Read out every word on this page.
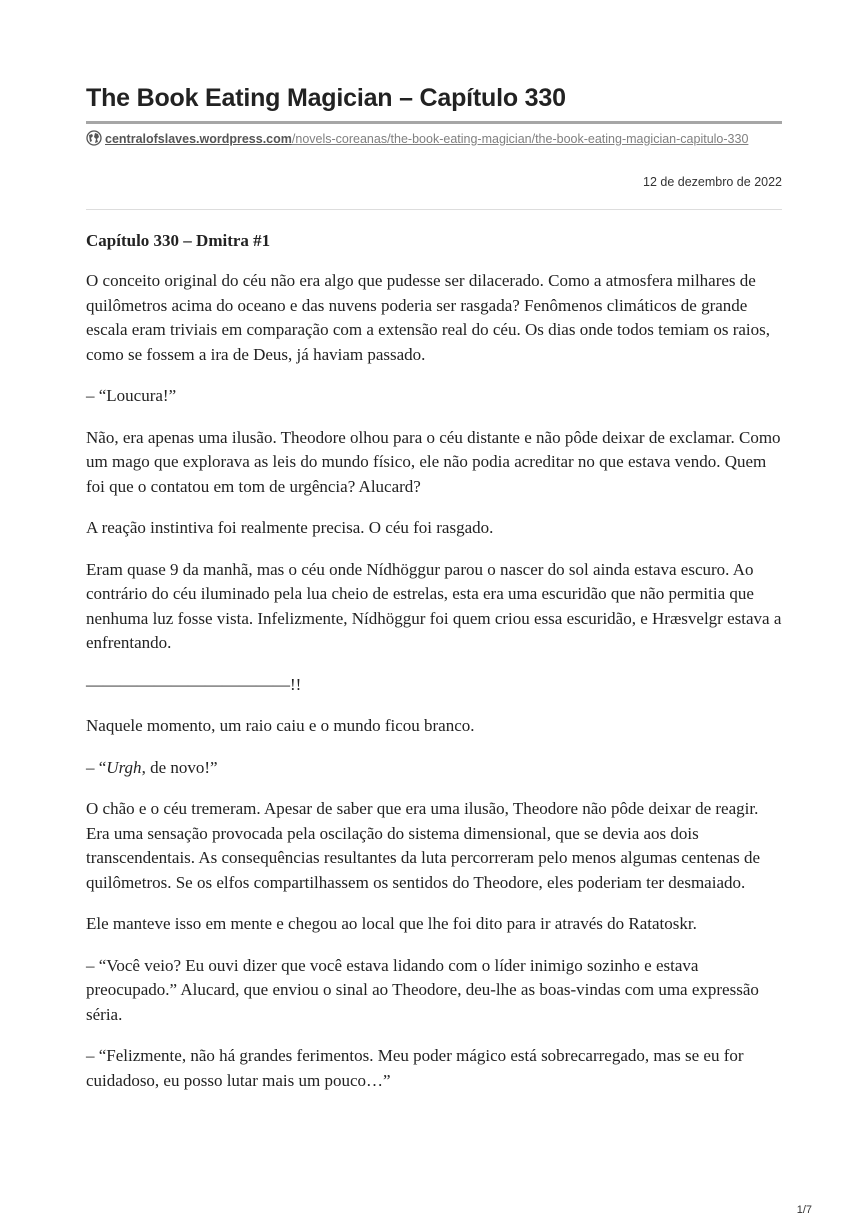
The Book Eating Magician – Capítulo 330
centralofslaves.wordpress.com/novels-coreanas/the-book-eating-magician/the-book-eating-magician-capitulo-330
12 de dezembro de 2022
Capítulo 330 – Dmitra #1

O conceito original do céu não era algo que pudesse ser dilacerado. Como a atmosfera milhares de quilômetros acima do oceano e das nuvens poderia ser rasgada? Fenômenos climáticos de grande escala eram triviais em comparação com a extensão real do céu. Os dias onde todos temiam os raios, como se fossem a ira de Deus, já haviam passado.

– “Loucura!”

Não, era apenas uma ilusão. Theodore olhou para o céu distante e não pôde deixar de exclamar. Como um mago que explorava as leis do mundo físico, ele não podia acreditar no que estava vendo. Quem foi que o contatou em tom de urgência? Alucard?

A reação instintiva foi realmente precisa. O céu foi rasgado.

Eram quase 9 da manhã, mas o céu onde Nídhöggur parou o nascer do sol ainda estava escuro. Ao contrário do céu iluminado pela lua cheio de estrelas, esta era uma escuridão que não permitia que nenhuma luz fosse vista. Infelizmente, Nídhöggur foi quem criou essa escuridão, e Hræsvelgr estava a enfrentando.

————————————!!

Naquele momento, um raio caiu e o mundo ficou branco.

– “Urgh, de novo!”

O chão e o céu tremeram. Apesar de saber que era uma ilusão, Theodore não pôde deixar de reagir. Era uma sensação provocada pela oscilação do sistema dimensional, que se devia aos dois transcendentais. As consequências resultantes da luta percorreram pelo menos algumas centenas de quilômetros. Se os elfos compartilhassem os sentidos do Theodore, eles poderiam ter desmaiado.

Ele manteve isso em mente e chegou ao local que lhe foi dito para ir através do Ratatoskr.

– “Você veio? Eu ouvi dizer que você estava lidando com o líder inimigo sozinho e estava preocupado.” Alucard, que enviou o sinal ao Theodore, deu-lhe as boas-vindas com uma expressão séria.

– “Felizmente, não há grandes ferimentos. Meu poder mágico está sobrecarregado, mas se eu for cuidadoso, eu posso lutar mais um pouco…”

1/7
